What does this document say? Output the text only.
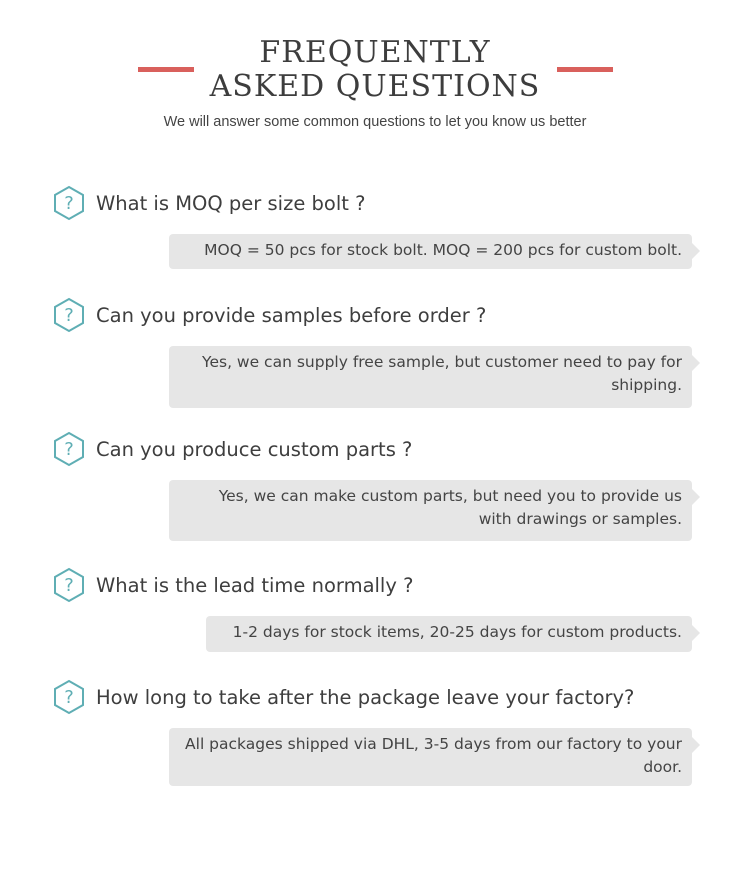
FREQUENTLY
ASKED QUESTIONS
We will answer some common questions to let you know us better
? What is MOQ per size bolt ?
MOQ = 50 pcs for stock bolt. MOQ = 200 pcs for custom bolt.
? Can you provide samples before order ?
Yes, we can supply free sample, but customer need to pay for shipping.
? Can you produce custom parts ?
Yes, we can make custom parts, but need you to provide us with drawings or samples.
? What is the lead time normally ?
1-2 days for stock items, 20-25 days for custom products.
? How long to take after the package leave your factory?
All packages shipped via DHL, 3-5 days from our factory to your door.
